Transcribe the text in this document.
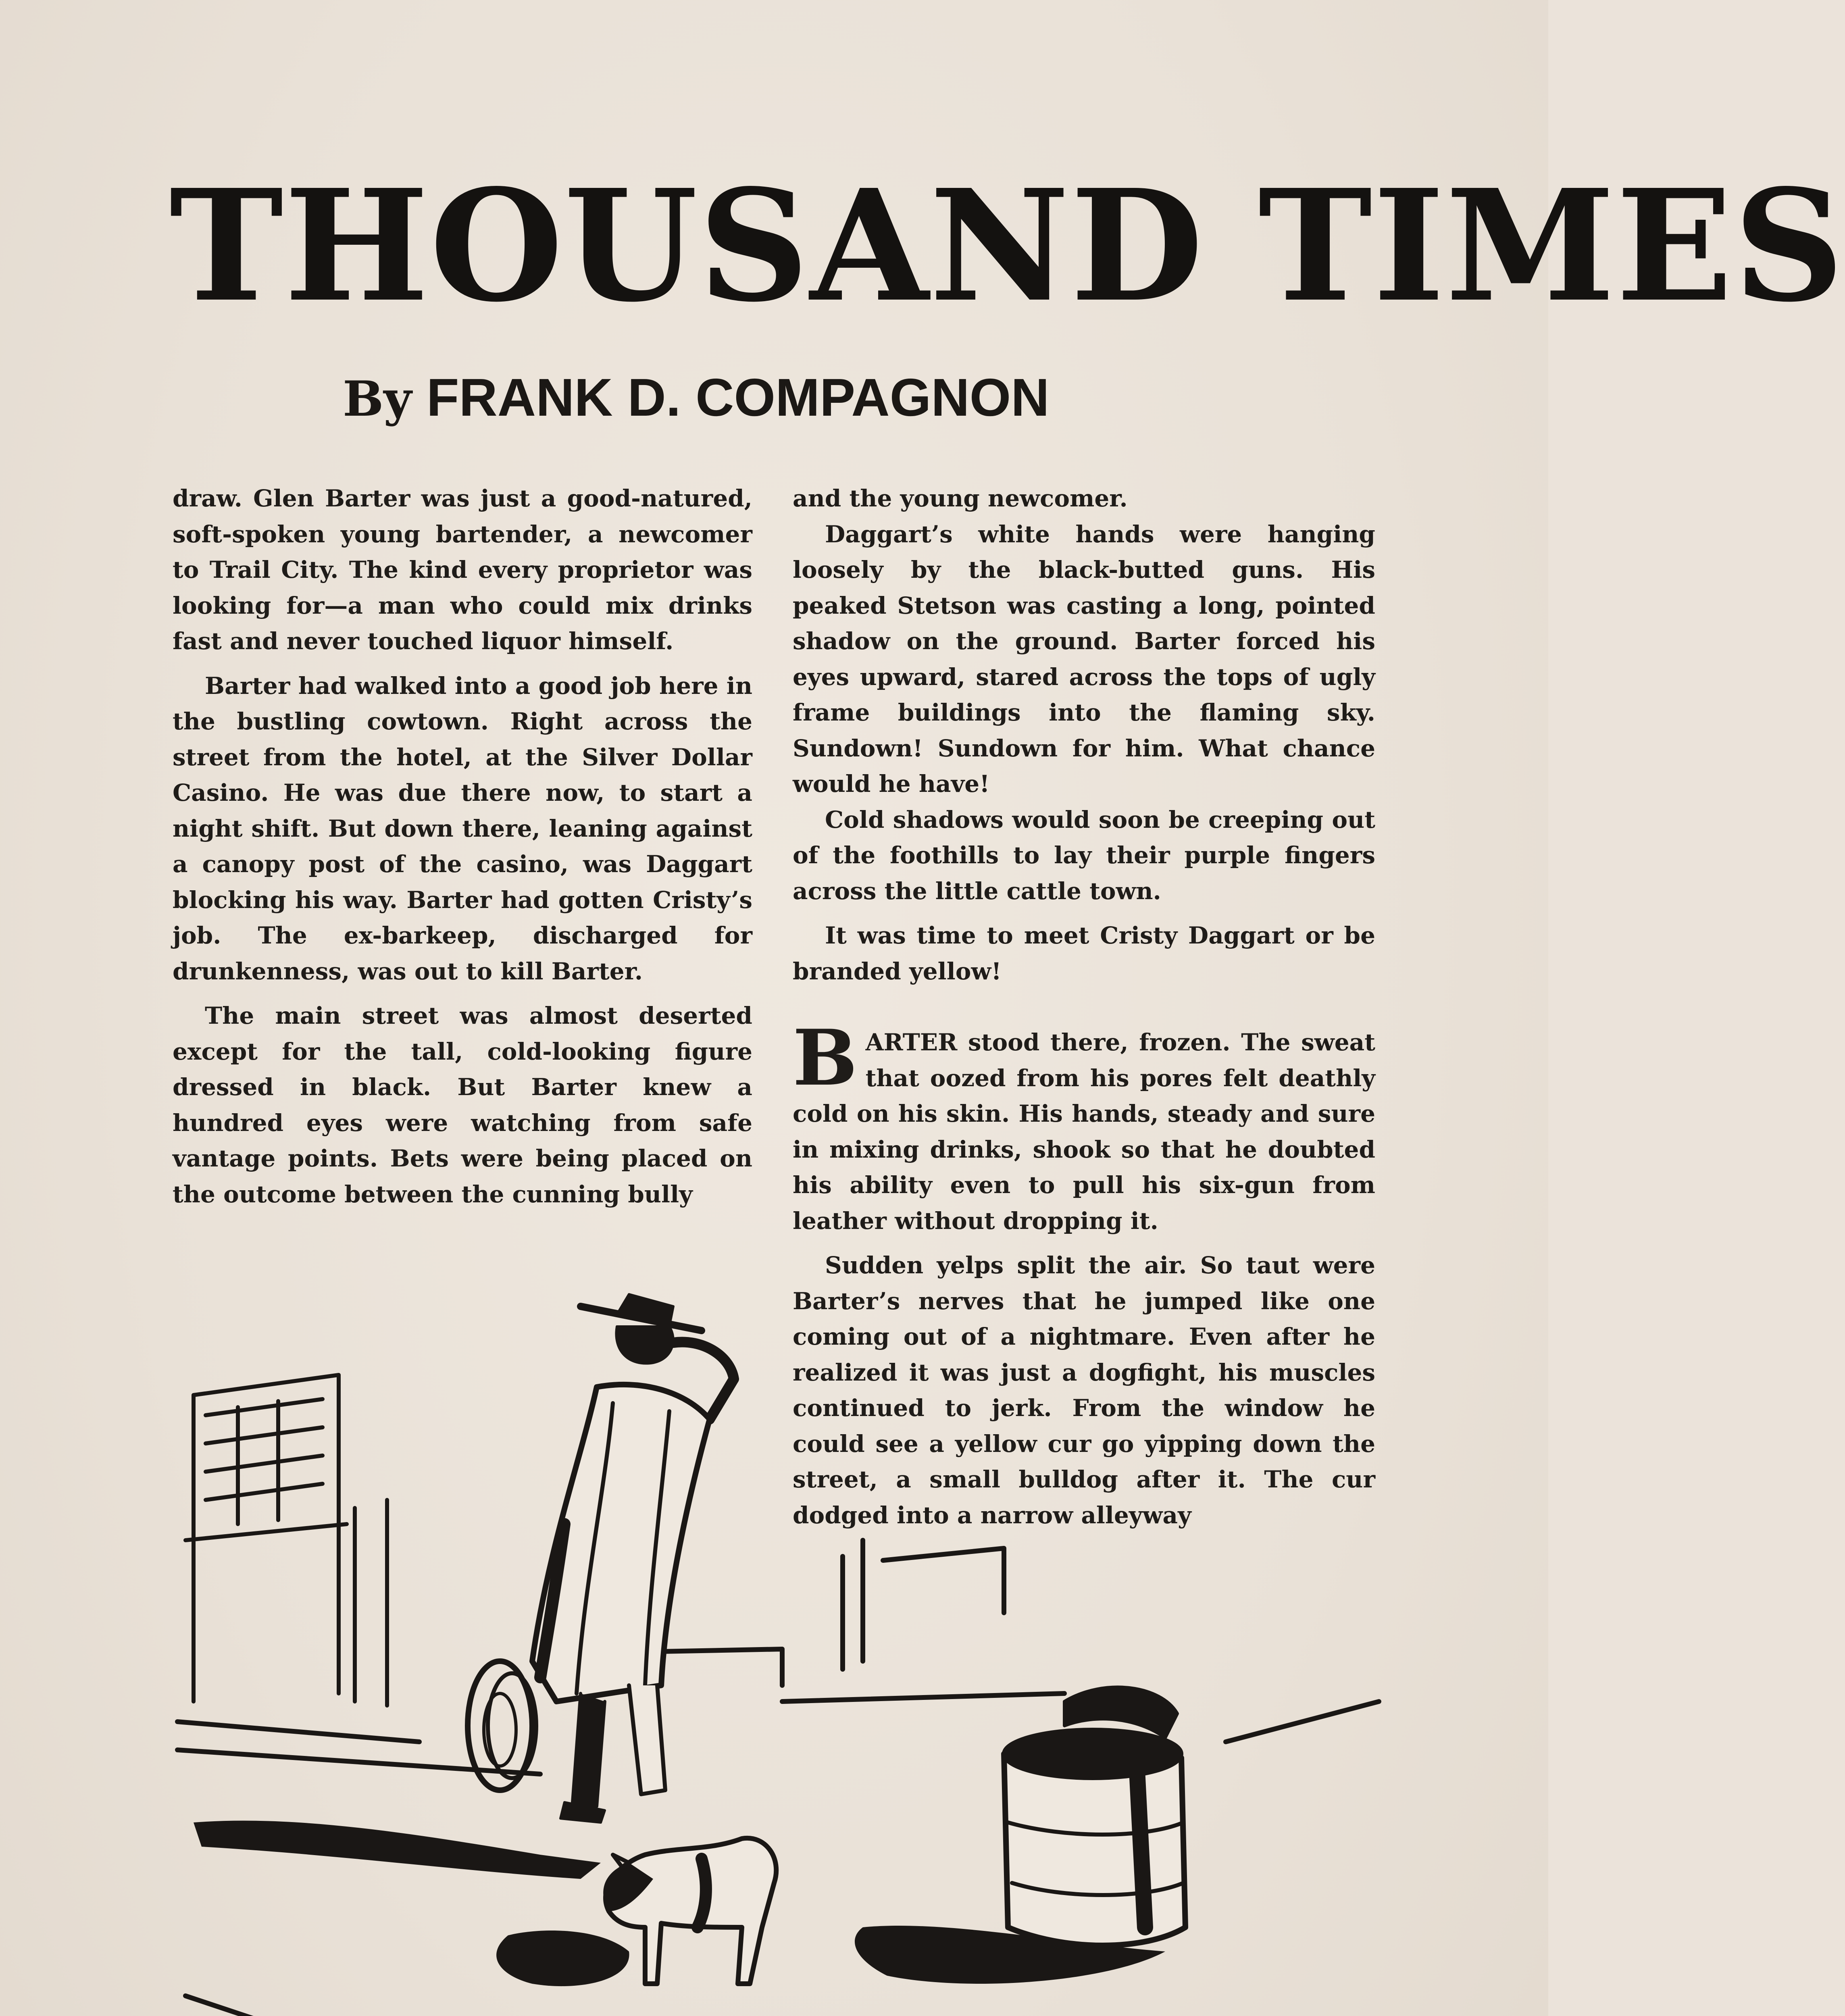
THOUSAND TIMES
By FRANK D. COMPAGNON

draw. Glen Barter was just a good-natured, soft-spoken young bartender, a newcomer to Trail City. The kind every proprietor was looking for—a man who could mix drinks fast and never touched liquor himself.

Barter had walked into a good job here in the bustling cowtown. Right across the street from the hotel, at the Silver Dollar Casino. He was due there now, to start a night shift. But down there, leaning against a canopy post of the casino, was Daggart blocking his way. Barter had gotten Cristy’s job. The ex-barkeep, discharged for drunkenness, was out to kill Barter.

The main street was almost deserted except for the tall, cold-looking figure dressed in black. But Barter knew a hundred eyes were watching from safe vantage points. Bets were being placed on the outcome between the cunning bully

and the young newcomer.

Daggart’s white hands were hanging loosely by the black-butted guns. His peaked Stetson was casting a long, pointed shadow on the ground. Barter forced his eyes upward, stared across the tops of ugly frame buildings into the flaming sky. Sundown! Sundown for him. What chance would he have!

Cold shadows would soon be creeping out of the foothills to lay their purple fingers across the little cattle town.

It was time to meet Cristy Daggart or be branded yellow!

BARTER stood there, frozen. The sweat that oozed from his pores felt deathly cold on his skin. His hands, steady and sure in mixing drinks, shook so that he doubted his ability even to pull his six-gun from leather without dropping it.

Sudden yelps split the air. So taut were Barter’s nerves that he jumped like one coming out of a nightmare. Even after he realized it was just a dogfight, his muscles continued to jerk. From the window he could see a yellow cur go yipping down the street, a small bulldog after it. The cur dodged into a narrow alleyway
